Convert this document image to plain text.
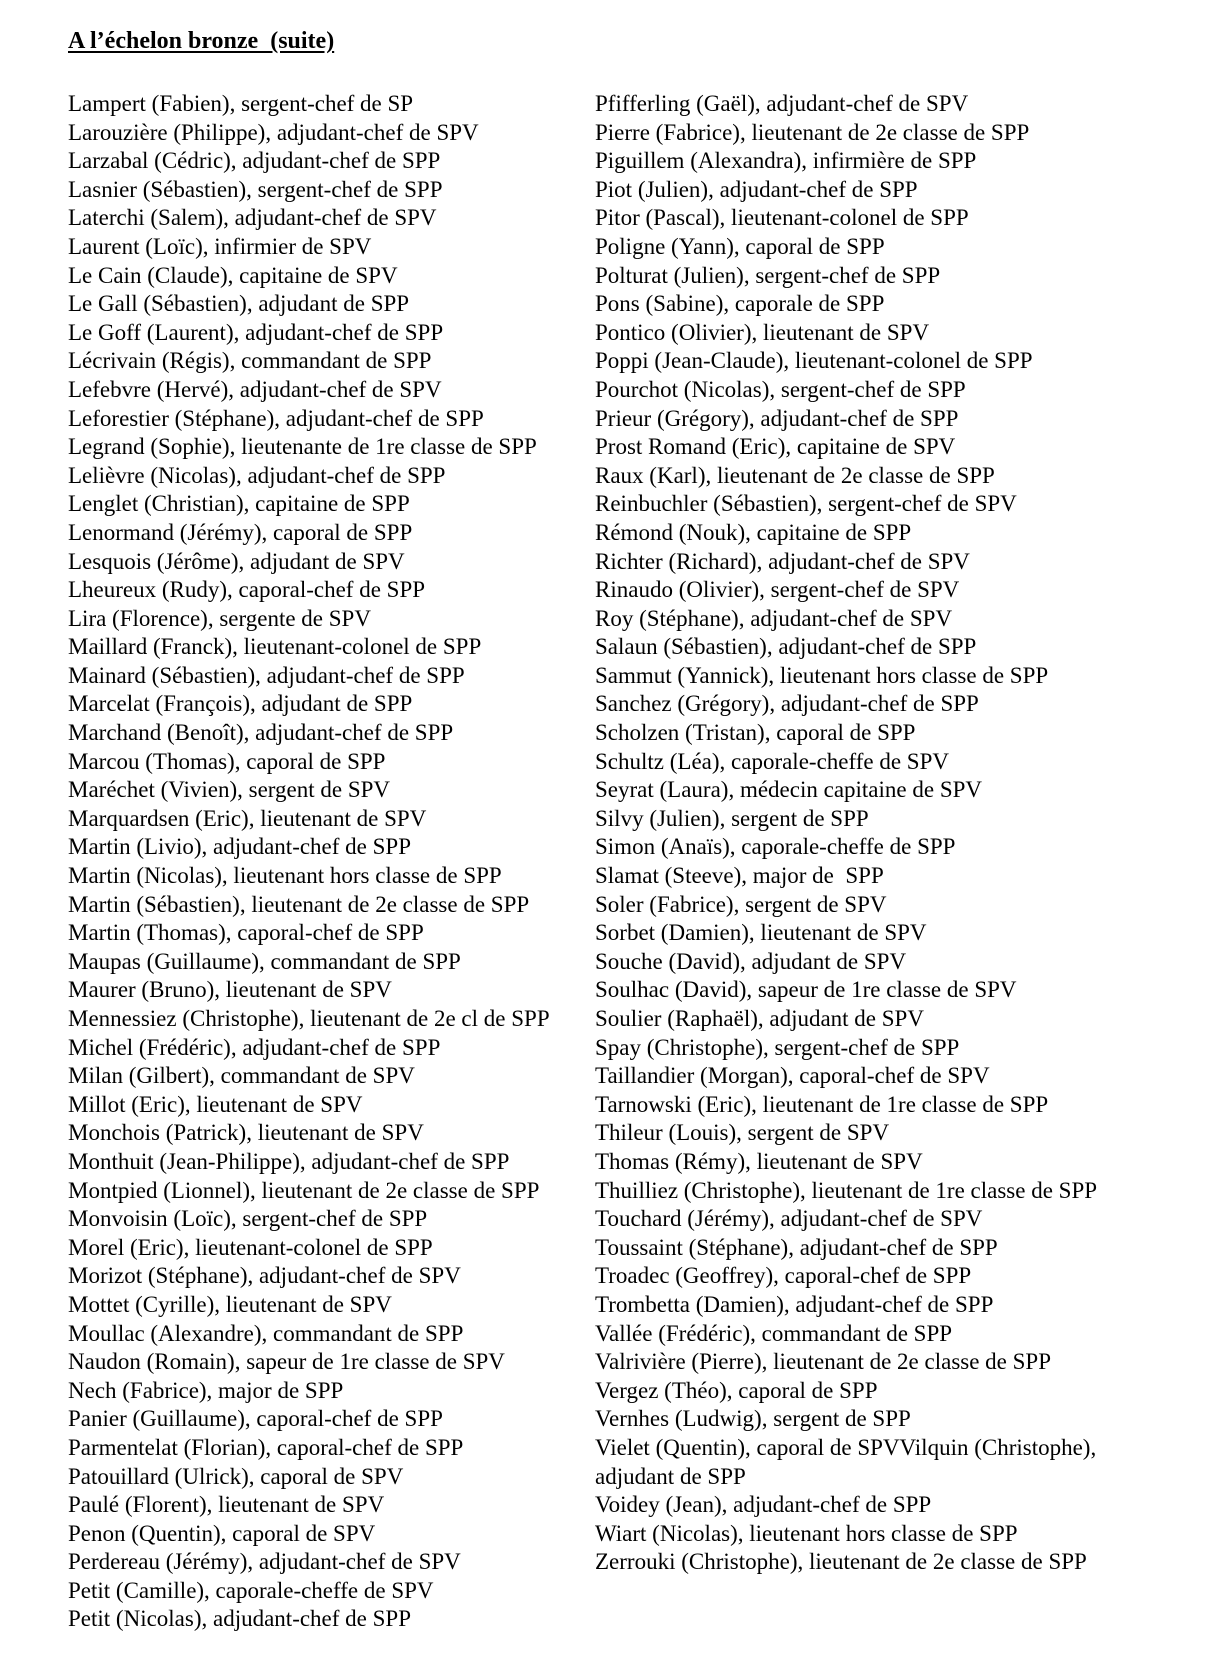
A l’échelon bronze  (suite)
Lampert (Fabien), sergent-chef de SP
Larouzière (Philippe), adjudant-chef de SPV
Larzabal (Cédric), adjudant-chef de SPP
Lasnier (Sébastien), sergent-chef de SPP
Laterchi (Salem), adjudant-chef de SPV
Laurent (Loïc), infirmier de SPV
Le Cain (Claude), capitaine de SPV
Le Gall (Sébastien), adjudant de SPP
Le Goff (Laurent), adjudant-chef de SPP
Lécrivain (Régis), commandant de SPP
Lefebvre (Hervé), adjudant-chef de SPV
Leforestier (Stéphane), adjudant-chef de SPP
Legrand (Sophie), lieutenante de 1re classe de SPP
Lelièvre (Nicolas), adjudant-chef de SPP
Lenglet (Christian), capitaine de SPP
Lenormand (Jérémy), caporal de SPP
Lesquois (Jérôme), adjudant de SPV
Lheureux (Rudy), caporal-chef de SPP
Lira (Florence), sergente de SPV
Maillard (Franck), lieutenant-colonel de SPP
Mainard (Sébastien), adjudant-chef de SPP
Marcelat (François), adjudant de SPP
Marchand (Benoît), adjudant-chef de SPP
Marcou (Thomas), caporal de SPP
Maréchet (Vivien), sergent de SPV
Marquardsen (Eric), lieutenant de SPV
Martin (Livio), adjudant-chef de SPP
Martin (Nicolas), lieutenant hors classe de SPP
Martin (Sébastien), lieutenant de 2e classe de SPP
Martin (Thomas), caporal-chef de SPP
Maupas (Guillaume), commandant de SPP
Maurer (Bruno), lieutenant de SPV
Mennessiez (Christophe), lieutenant de 2e cl de SPP
Michel (Frédéric), adjudant-chef de SPP
Milan (Gilbert), commandant de SPV
Millot (Eric), lieutenant de SPV
Monchois (Patrick), lieutenant de SPV
Monthuit (Jean-Philippe), adjudant-chef de SPP
Montpied (Lionnel), lieutenant de 2e classe de SPP
Monvoisin (Loïc), sergent-chef de SPP
Morel (Eric), lieutenant-colonel de SPP
Morizot (Stéphane), adjudant-chef de SPV
Mottet (Cyrille), lieutenant de SPV
Moullac (Alexandre), commandant de SPP
Naudon (Romain), sapeur de 1re classe de SPV
Nech (Fabrice), major de SPP
Panier (Guillaume), caporal-chef de SPP
Parmentelat (Florian), caporal-chef de SPP
Patouillard (Ulrick), caporal de SPV
Paulé (Florent), lieutenant de SPV
Penon (Quentin), caporal de SPV
Perdereau (Jérémy), adjudant-chef de SPV
Petit (Camille), caporale-cheffe de SPV
Petit (Nicolas), adjudant-chef de SPP
Pfifferling (Gaël), adjudant-chef de SPV
Pierre (Fabrice), lieutenant de 2e classe de SPP
Piguillem (Alexandra), infirmière de SPP
Piot (Julien), adjudant-chef de SPP
Pitor (Pascal), lieutenant-colonel de SPP
Poligne (Yann), caporal de SPP
Polturat (Julien), sergent-chef de SPP
Pons (Sabine), caporale de SPP
Pontico (Olivier), lieutenant de SPV
Poppi (Jean-Claude), lieutenant-colonel de SPP
Pourchot (Nicolas), sergent-chef de SPP
Prieur (Grégory), adjudant-chef de SPP
Prost Romand (Eric), capitaine de SPV
Raux (Karl), lieutenant de 2e classe de SPP
Reinbuchler (Sébastien), sergent-chef de SPV
Rémond (Nouk), capitaine de SPP
Richter (Richard), adjudant-chef de SPV
Rinaudo (Olivier), sergent-chef de SPV
Roy (Stéphane), adjudant-chef de SPV
Salaun (Sébastien), adjudant-chef de SPP
Sammut (Yannick), lieutenant hors classe de SPP
Sanchez (Grégory), adjudant-chef de SPP
Scholzen (Tristan), caporal de SPP
Schultz (Léa), caporale-cheffe de SPV
Seyrat (Laura), médecin capitaine de SPV
Silvy (Julien), sergent de SPP
Simon (Anaïs), caporale-cheffe de SPP
Slamat (Steeve), major de  SPP
Soler (Fabrice), sergent de SPV
Sorbet (Damien), lieutenant de SPV
Souche (David), adjudant de SPV
Soulhac (David), sapeur de 1re classe de SPV
Soulier (Raphaël), adjudant de SPV
Spay (Christophe), sergent-chef de SPP
Taillandier (Morgan), caporal-chef de SPV
Tarnowski (Eric), lieutenant de 1re classe de SPP
Thileur (Louis), sergent de SPV
Thomas (Rémy), lieutenant de SPV
Thuilliez (Christophe), lieutenant de 1re classe de SPP
Touchard (Jérémy), adjudant-chef de SPV
Toussaint (Stéphane), adjudant-chef de SPP
Troadec (Geoffrey), caporal-chef de SPP
Trombetta (Damien), adjudant-chef de SPP
Vallée (Frédéric), commandant de SPP
Valrivière (Pierre), lieutenant de 2e classe de SPP
Vergez (Théo), caporal de SPP
Vernhes (Ludwig), sergent de SPP
Vielet (Quentin), caporal de SPVVilquin (Christophe),
adjudant de SPP
Voidey (Jean), adjudant-chef de SPP
Wiart (Nicolas), lieutenant hors classe de SPP
Zerrouki (Christophe), lieutenant de 2e classe de SPP
